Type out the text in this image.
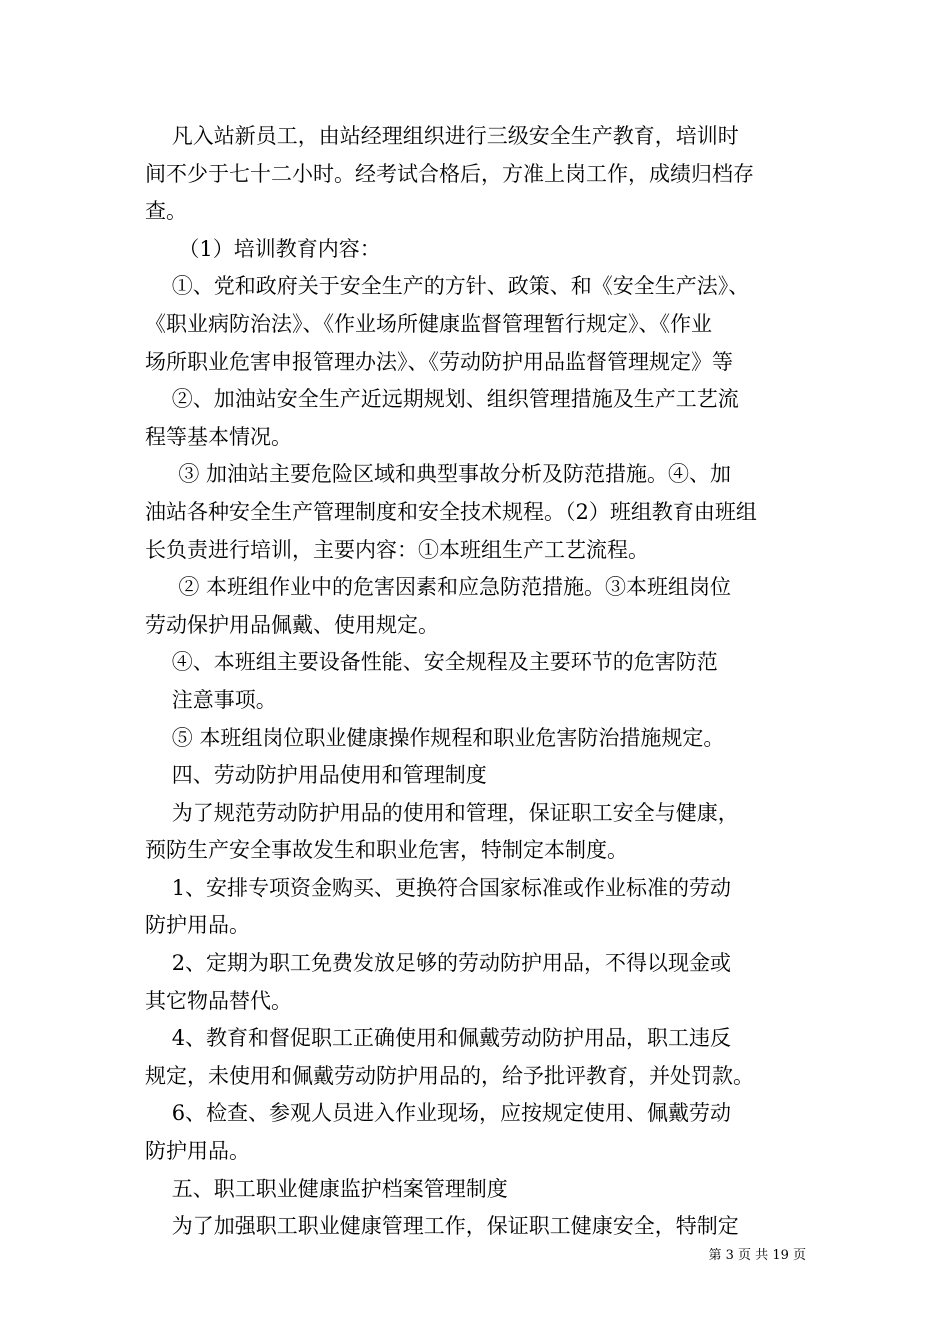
凡入站新员工，由站经理组织进行三级安全生产教育，培训时
间不少于七十二小时。经考试合格后，方准上岗工作，成绩归档存
查。
（1）培训教育内容：
①、党和政府关于安全生产的方针、政策、和《安全生产法》、
《职业病防治法》、《作业场所健康监督管理暂行规定》、《作业
场所职业危害申报管理办法》、《劳动防护用品监督管理规定》等
②、加油站安全生产近远期规划、组织管理措施及生产工艺流
程等基本情况。
③ 加油站主要危险区域和典型事故分析及防范措施。④、加
油站各种安全生产管理制度和安全技术规程。（2）班组教育由班组
长负责进行培训，主要内容：①本班组生产工艺流程。
② 本班组作业中的危害因素和应急防范措施。③本班组岗位
劳动保护用品佩戴、使用规定。
④、本班组主要设备性能、安全规程及主要环节的危害防范
注意事项。
⑤ 本班组岗位职业健康操作规程和职业危害防治措施规定。
四、劳动防护用品使用和管理制度
为了规范劳动防护用品的使用和管理，保证职工安全与健康，
预防生产安全事故发生和职业危害，特制定本制度。
1、安排专项资金购买、更换符合国家标准或作业标准的劳动
防护用品。
2、定期为职工免费发放足够的劳动防护用品，不得以现金或
其它物品替代。
4、教育和督促职工正确使用和佩戴劳动防护用品，职工违反
规定，未使用和佩戴劳动防护用品的，给予批评教育，并处罚款。
6、检查、参观人员进入作业现场，应按规定使用、佩戴劳动
防护用品。
五、职工职业健康监护档案管理制度
为了加强职工职业健康管理工作，保证职工健康安全，特制定
第 3 页 共 19 页
